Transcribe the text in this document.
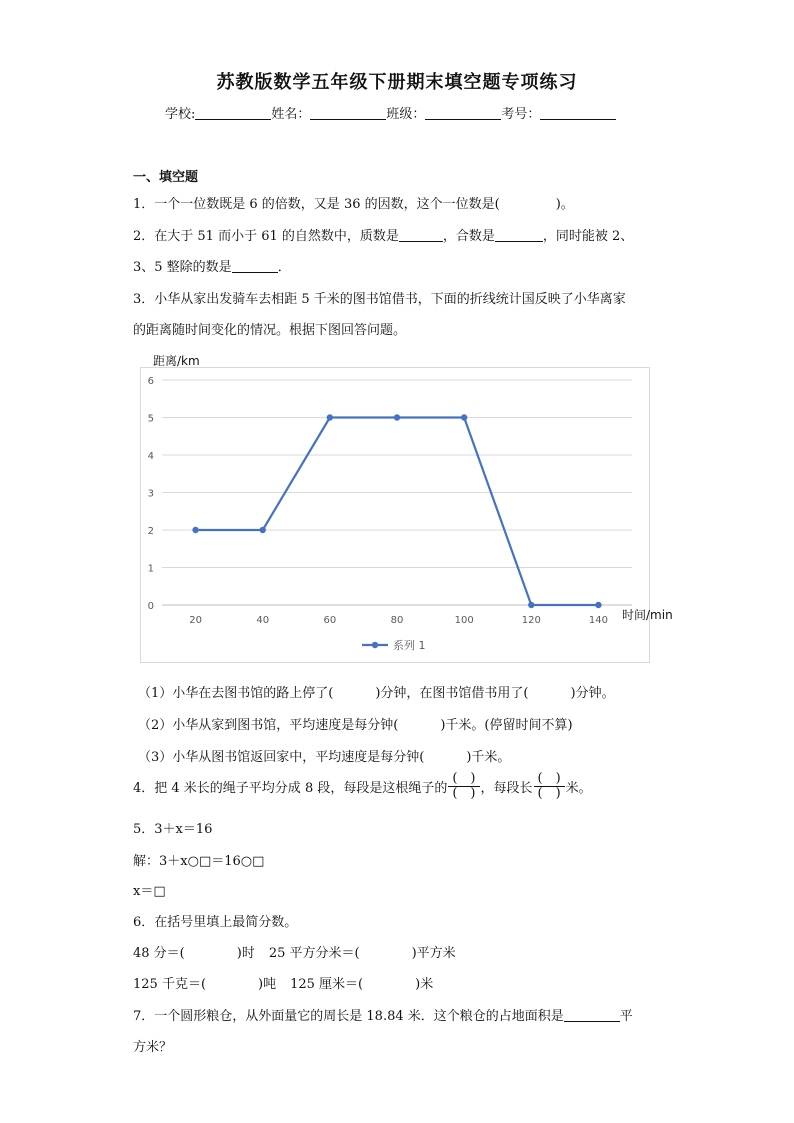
苏教版数学五年级下册期末填空题专项练习
学校:	姓名：	班级：	考号：
一、填空题
1．一个一位数既是 6 的倍数，又是 36 的因数，这个一位数是(	)。
2．在大于 51 而小于 61 的自然数中，质数是	，合数是	，同时能被 2、
3、5 整除的数是	．
3．小华从家出发骑车去相距 5 千米的图书馆借书，下面的折线统计国反映了小华离家
的距离随时间变化的情况。根据下图回答问题。
距离/km
时间/min
0
1
2
3
4
5
6
20	40	60	80	100	120	140
系列 1
（1）小华在去图书馆的路上停了(	)分钟，在图书馆借书用了(	)分钟。
（2）小华从家到图书馆，平均速度是每分钟(	)千米。(停留时间不算)
（3）小华从图书馆返回家中，平均速度是每分钟(	)千米。
4．把 4 米长的绳子平均分成 8 段，每段是这根绳子的 $\frac{( )}{( )}$ ，每段长 $\frac{( )}{( )}$ 米。
5．3＋x＝16
解：3＋x○□＝16○□
x＝□
6．在括号里填上最简分数。
48 分＝(	)时 25 平方分米＝(	)平方米
125 千克＝(	)吨 125 厘米＝(	)米
7．一个圆形粮仓，从外面量它的周长是 18.84 米．这个粮仓的占地面积是	平
方米？
